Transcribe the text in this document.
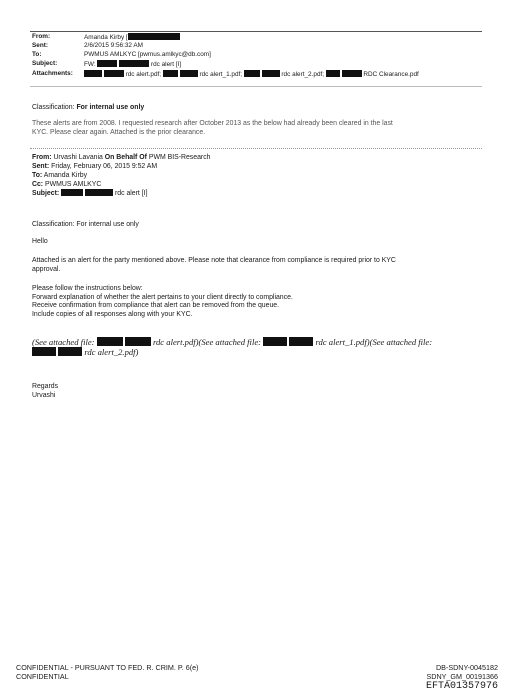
From:	Amanda Kirby [
Sent:	2/6/2015 9:56:32 AM
To:	PWMUS AMLKYC [pwmus.amlkyc@db.com]
Subject:	FW:	rdc alert [I]
Attachments:	rdc alert.pdf;	rdc alert_1.pdf;	rdc alert_2.pdf;	RDC Clearance.pdf
Classification: For internal use only
These alerts are from 2008. I requested research after October 2013 as the below had already been cleared in the last
KYC. Please clear again. Attached is the prior clearance.
From: Urvashi Lavania On Behalf Of PWM BIS-Research
Sent: Friday, February 06, 2015 9:52 AM
To: Amanda Kirby
Cc: PWMUS AMLKYC
Subject:	rdc alert [I]
Classification: For internal use only
Hello
Attached is an alert for the party mentioned above. Please note that clearance from compliance is required prior to KYC
approval.
Please follow the instructions below:
Forward explanation of whether the alert pertains to your client directly to compliance.
Receive confirmation from compliance that alert can be removed from the queue.
Include copies of all responses along with your KYC.
(See attached file:	rdc alert.pdf)(See attached file:	rdc alert_1.pdf)(See attached file:
rdc alert_2.pdf)
Regards
Urvashi
CONFIDENTIAL - PURSUANT TO FED. R. CRIM. P. 6(e)
CONFIDENTIAL
DB-SDNY-0045182
SDNY_GM_00191366
EFTA01357976
